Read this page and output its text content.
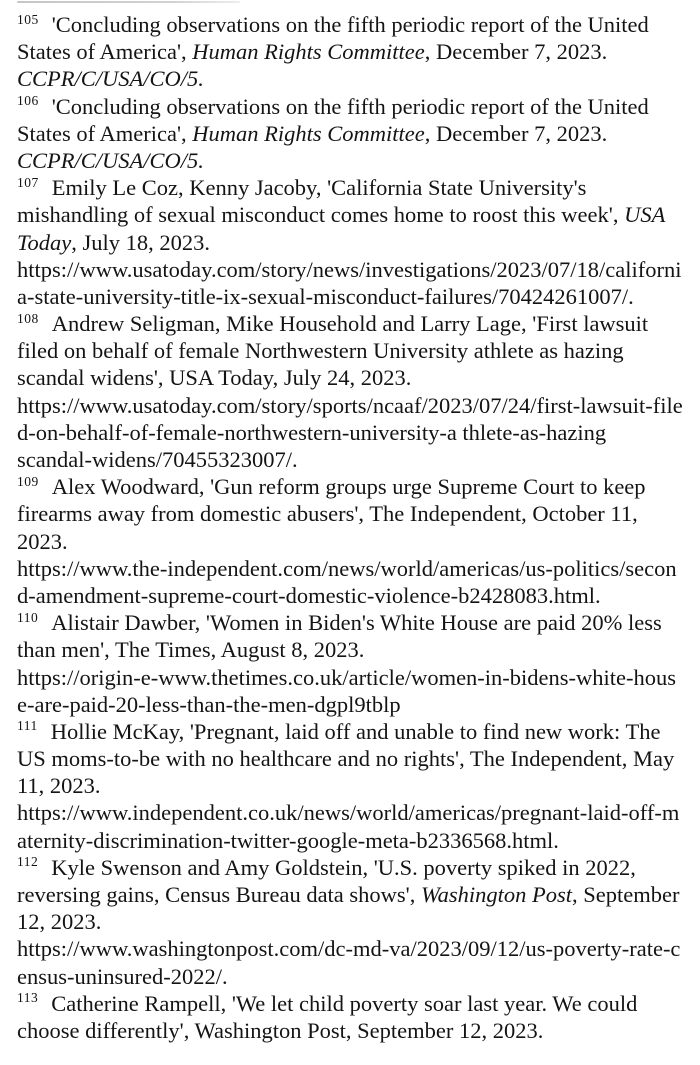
$^{105}$ 'Concluding observations on the fifth periodic report of the United
States of America', Human Rights Committee, December 7, 2023.
CCPR/C/USA/CO/5.
$^{106}$ 'Concluding observations on the fifth periodic report of the United
States of America', Human Rights Committee, December 7, 2023.
CCPR/C/USA/CO/5.
$^{107}$ Emily Le Coz, Kenny Jacoby, 'California State University's
mishandling of sexual misconduct comes home to roost this week', USA
Today, July 18, 2023.
https://www.usatoday.com/story/news/investigations/2023/07/18/californi
a-state-university-title-ix-sexual-misconduct-failures/70424261007/.
$^{108}$ Andrew Seligman, Mike Household and Larry Lage, 'First lawsuit
filed on behalf of female Northwestern University athlete as hazing
scandal widens', USA Today, July 24, 2023.
https://www.usatoday.com/story/sports/ncaaf/2023/07/24/first-lawsuit-file
d-on-behalf-of-female-northwestern-university-a thlete-as-hazing
scandal-widens/70455323007/.
$^{109}$ Alex Woodward, 'Gun reform groups urge Supreme Court to keep
firearms away from domestic abusers', The Independent, October 11,
2023.
https://www.the-independent.com/news/world/americas/us-politics/secon
d-amendment-supreme-court-domestic-violence-b2428083.html.
$^{110}$ Alistair Dawber, 'Women in Biden's White House are paid 20% less
than men', The Times, August 8, 2023.
https://origin-e-www.thetimes.co.uk/article/women-in-bidens-white-hous
e-are-paid-20-less-than-the-men-dgpl9tblp
$^{111}$ Hollie McKay, 'Pregnant, laid off and unable to find new work: The
US moms-to-be with no healthcare and no rights', The Independent, May
11, 2023.
https://www.independent.co.uk/news/world/americas/pregnant-laid-off-m
aternity-discrimination-twitter-google-meta-b2336568.html.
$^{112}$ Kyle Swenson and Amy Goldstein, 'U.S. poverty spiked in 2022,
reversing gains, Census Bureau data shows', Washington Post, September
12, 2023.
https://www.washingtonpost.com/dc-md-va/2023/09/12/us-poverty-rate-c
ensus-uninsured-2022/.
$^{113}$ Catherine Rampell, 'We let child poverty soar last year. We could
choose differently', Washington Post, September 12, 2023.
